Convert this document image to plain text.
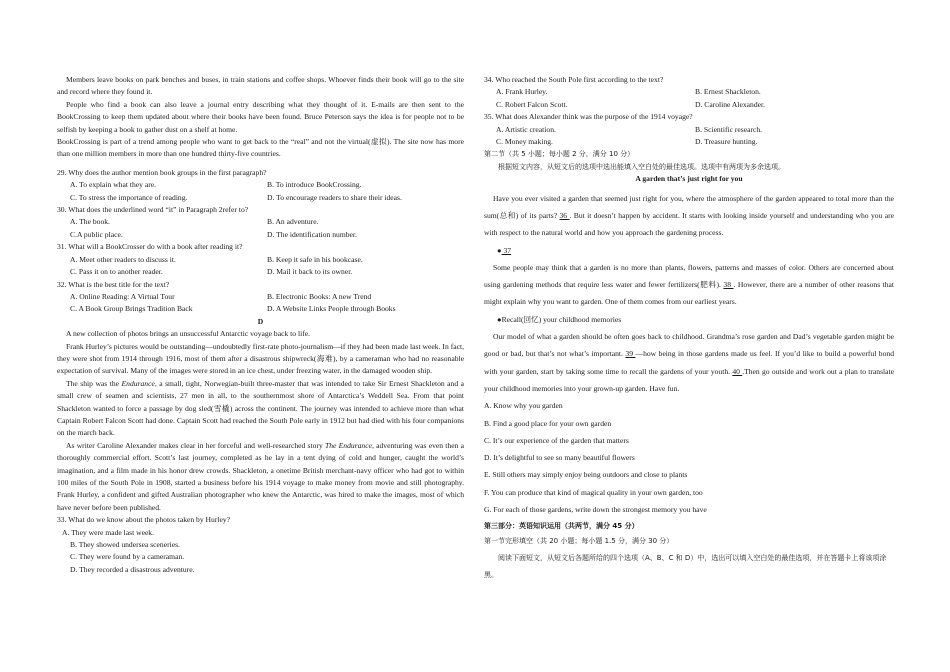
Members leave books on park benches and buses, in train stations and coffee shops. Whoever finds their book will go to the site and record where they found it.

People who find a book can also leave a journal entry describing what they thought of it. E-mails are then sent to the BookCrossing to keep them updated about where their books have been found. Bruce Peterson says the idea is for people not to be selfish by keeping a book to gather dust on a shelf at home.

BookCrossing is part of a trend among people who want to get back to the “real” and not the virtual(虚拟). The site now has more than one million members in more than one hundred thirty-five countries.

29. Why does the author mention book groups in the first paragraph?

A. To explain what they are.	B. To introduce BookCrossing.
C. To stress the importance of reading.	D. To encourage readers to share their ideas.

30. What does the underlined word “it” in Paragraph 2refer to?

A. The book.	B. An adventure.
C.A public place.	D. The identification number.

31. What will a BookCrosser do with a book after reading it?

A. Meet other readers to discuss it.	B. Keep it safe in his bookcase.
C. Pass it on to another reader.	D. Mail it back to its owner.

32. What is the best title for the text?

A. Online Reading: A Virtual Tour	B. Electronic Books: A new Trend
C. A Book Group Brings Tradition Back	D. A Website Links People through Books

D

A new collection of photos brings an unsuccessful Antarctic voyage back to life.

Frank Hurley’s pictures would be outstanding—undoubtedly first-rate photo-journalism—if they had been made last week. In fact, they were shot from 1914 through 1916, most of them after a disastrous shipwreck(海难), by a cameraman who had no reasonable expectation of survival. Many of the images were stored in an ice chest, under freezing water, in the damaged wooden ship.

The ship was the Endurance, a small, tight, Norwegian-built three-master that was intended to take Sir Ernest Shackleton and a small crew of seamen and scientists, 27 men in all, to the southernmost shore of Antarctica’s Weddell Sea. From that point Shackleton wanted to force a passage by dog sled(雪橇) across the continent. The journey was intended to achieve more than what Captain Robert Falcon Scott had done. Captain Scott had reached the South Pole early in 1912 but had died with his four companions on the march back.

As writer Caroline Alexander makes clear in her forceful and well-researched story The Endurance, adventuring was even then a thoroughly commercial effort. Scott’s last journey, completed as he lay in a tent dying of cold and hunger, caught the world’s imagination, and a film made in his honor drew crowds. Shackleton, a onetime British merchant-navy officer who had got to within 100 miles of the South Pole in 1908, started a business before his 1914 voyage to make money from movie and still photography. Frank Hurley, a confident and gifted Australian photographer who knew the Antarctic, was hired to make the images, most of which have never before been published.

33. What do we know about the photos taken by Hurley?

A. They were made last week.

B. They showed undersea sceneries.

C. They were found by a cameraman.

D. They recorded a disastrous adventure.

34. Who reached the South Pole first according to the text?

A. Frank Hurley.	B. Ernest Shackleton.
C. Robert Falcon Scott.	D. Caroline Alexander.

35. What does Alexander think was the purpose of the 1914 voyage?

A. Artistic creation.	B. Scientific research.
C. Money making.	D. Treasure hunting.

第二节（共 5 小题；每小题 2 分，满分 10 分）

根据短文内容，从短文后的选项中选出能填入空白处的最佳选项。选项中有两项为多余选项。

A garden that’s just right for you

Have you ever visited a garden that seemed just right for you, where the atmosphere of the garden appeared to total more than the sum(总和) of its parts? 36 . But it doesn’t happen by accident. It starts with looking inside yourself and understanding who you are with respect to the natural world and how you approach the gardening process.

● 37

Some people may think that a garden is no more than plants, flowers, patterns and masses of color. Others are concerned about using gardening methods that require less water and fewer fertilizers(肥料). 38 . However, there are a number of other reasons that might explain why you want to garden. One of them comes from our earliest years.

●Recall(回忆) your childhood memories

Our model of what a garden should be often goes back to childhood. Grandma’s rose garden and Dad’s vegetable garden might be good or bad, but that’s not what’s important. 39 —how being in those gardens made us feel. If you’d like to build a powerful bond with your garden, start by taking some time to recall the gardens of your youth. 40 .Then go outside and work out a plan to translate your childhood memories into your grown-up garden. Have fun.

A. Know why you garden

B. Find a good place for your own garden

C. It’s our experience of the garden that matters

D. It’s delightful to see so many beautiful flowers

E. Still others may simply enjoy being outdoors and close to plants

F. You can produce that kind of magical quality in your own garden, too

G. For each of those gardens, write down the strongest memory you have

第三部分：英语知识运用（共两节，满分 45 分）

第一节完形填空（共 20 小题；每小题 1.5 分，满分 30 分）

阅读下面短文，从短文后各题所给的四个选项（A、B、C 和 D）中，选出可以填入空白处的最佳选项，并在答题卡上将该项涂黑。
